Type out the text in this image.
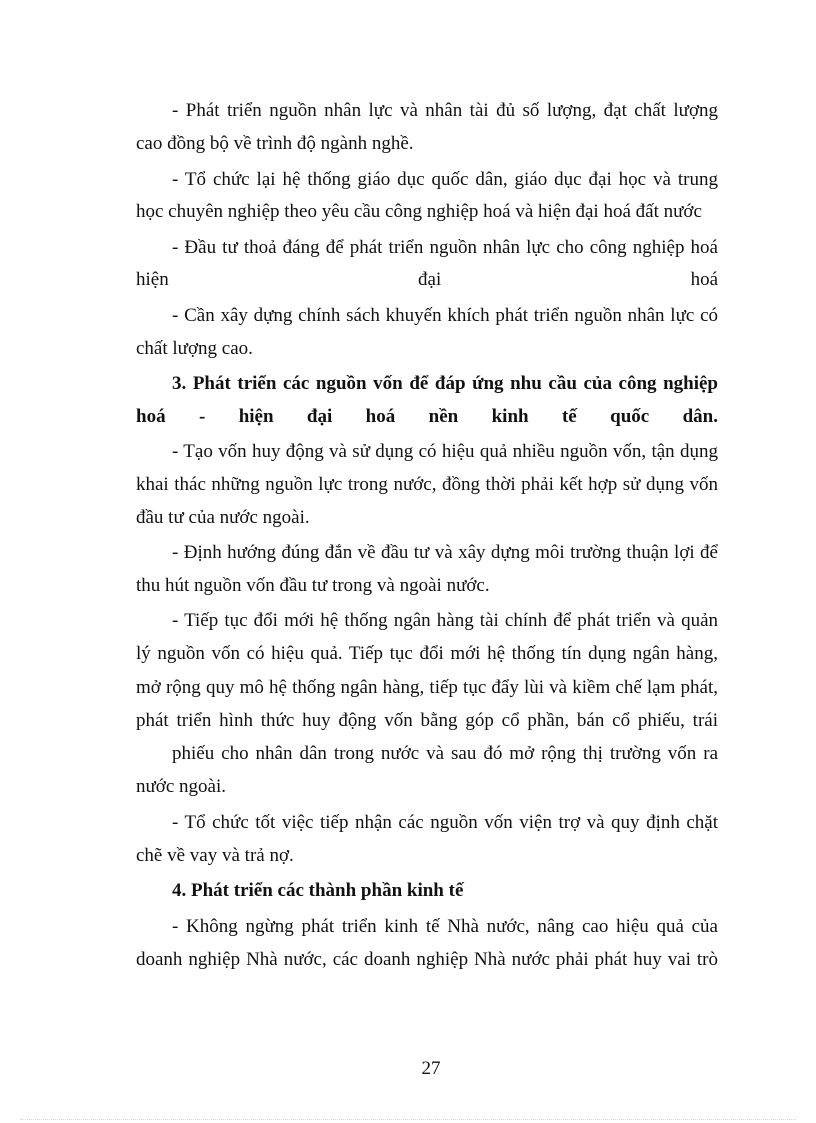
- Phát triển nguồn nhân lực và nhân tài đủ số lượng, đạt chất lượng
cao đồng bộ về trình độ ngành nghề.
- Tổ chức lại hệ thống giáo dục quốc dân, giáo dục đại học và trung
học chuyên nghiệp theo yêu cầu công nghiệp hoá và hiện đại hoá đất nước
- Đầu tư thoả đáng để phát triển nguồn nhân lực cho công nghiệp hoá
hiện đại hoá
- Cần xây dựng chính sách khuyến khích phát triển nguồn nhân lực có
chất lượng cao.
3. Phát triển các nguồn vốn để đáp ứng nhu cầu của công nghiệp
hoá - hiện đại hoá nền kinh tế quốc dân.
- Tạo vốn huy động và sử dụng có hiệu quả nhiều nguồn vốn, tận dụng
khai thác những nguồn lực trong nước, đồng thời phải kết hợp sử dụng vốn
đầu tư của nước ngoài.
- Định hướng đúng đắn về đầu tư và xây dựng môi trường thuận lợi để
thu hút nguồn vốn đầu tư trong và ngoài nước.
- Tiếp tục đổi mới hệ thống ngân hàng tài chính để phát triển và quản
lý nguồn vốn có hiệu quả. Tiếp tục đổi mới hệ thống tín dụng ngân hàng,
mở rộng quy mô hệ thống ngân hàng, tiếp tục đẩy lùi và kiềm chế lạm phát,
phát triển hình thức huy động vốn bằng góp cổ phần, bán cổ phiếu, trái
phiếu cho nhân dân trong nước và sau đó mở rộng thị trường vốn ra
nước ngoài.
- Tổ chức tốt việc tiếp nhận các nguồn vốn viện trợ và quy định chặt
chẽ về vay và trả nợ.
4. Phát triển các thành phần kinh tế
- Không ngừng phát triển kinh tế Nhà nước, nâng cao hiệu quả của
doanh nghiệp Nhà nước, các doanh nghiệp Nhà nước phải phát huy vai trò
27
